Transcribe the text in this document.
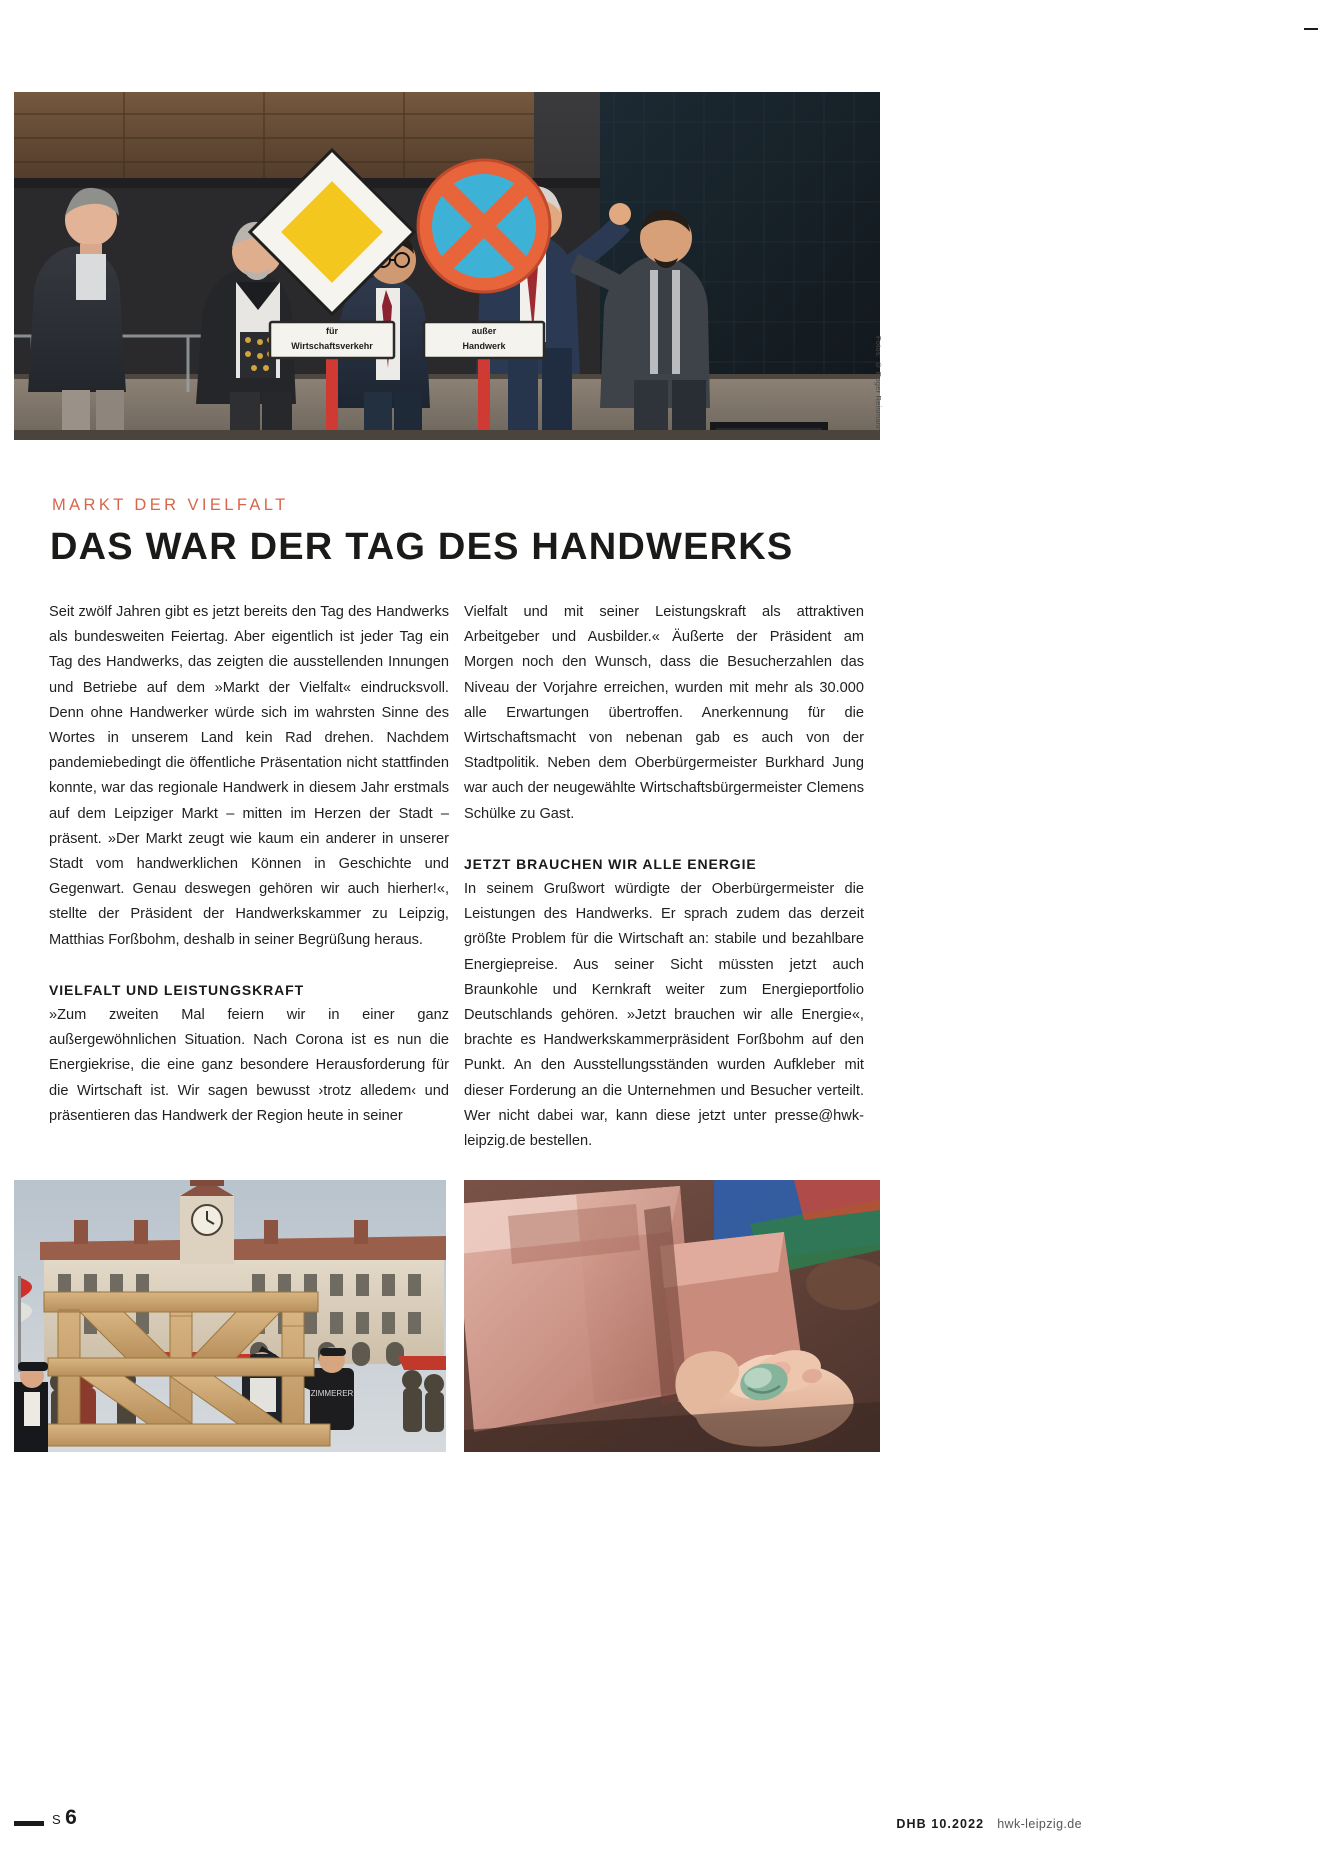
für
Wirtschaftsverkehr
außer
Handwerk	Fotos: © Roger Reinmann
MARKT DER VIELFALT
DAS WAR DER TAG DES HANDWERKS

Seit zwölf Jahren gibt es jetzt bereits den Tag des Handwerks als bundesweiten Feiertag. Aber eigentlich ist jeder Tag ein Tag des Handwerks, das zeigten die ausstellenden Innungen und Betriebe auf dem »Markt der Vielfalt« eindrucksvoll. Denn ohne Handwerker würde sich im wahrsten Sinne des Wortes in unserem Land kein Rad drehen. Nachdem pandemiebedingt die öffentliche Präsentation nicht stattfinden konnte, war das regionale Handwerk in diesem Jahr erstmals auf dem Leipziger Markt – mitten im Herzen der Stadt – präsent. »Der Markt zeugt wie kaum ein anderer in unserer Stadt vom handwerklichen Können in Geschichte und Gegenwart. Genau deswegen gehören wir auch hierher!«, stellte der Präsident der Handwerkskammer zu Leipzig, Matthias Forßbohm, deshalb in seiner Begrüßung heraus.

VIELFALT UND LEISTUNGSKRAFT

»Zum zweiten Mal feiern wir in einer ganz außergewöhnlichen Situation. Nach Corona ist es nun die Energiekrise, die eine ganz besondere Herausforderung für die Wirtschaft ist. Wir sagen bewusst ›trotz alledem‹ und präsentieren das Handwerk der Region heute in seiner

Vielfalt und mit seiner Leistungskraft als attraktiven Arbeitgeber und Ausbilder.« Äußerte der Präsident am Morgen noch den Wunsch, dass die Besucherzahlen das Niveau der Vorjahre erreichen, wurden mit mehr als 30.000 alle Erwartungen übertroffen. Anerkennung für die Wirtschaftsmacht von nebenan gab es auch von der Stadtpolitik. Neben dem Oberbürgermeister Burkhard Jung war auch der neugewählte Wirtschaftsbürgermeister Clemens Schülke zu Gast.

JETZT BRAUCHEN WIR ALLE ENERGIE

In seinem Grußwort würdigte der Oberbürgermeister die Leistungen des Handwerks. Er sprach zudem das derzeit größte Problem für die Wirtschaft an: stabile und bezahlbare Energiepreise. Aus seiner Sicht müssten jetzt auch Braunkohle und Kernkraft weiter zum Energieportfolio Deutschlands gehören. »Jetzt brauchen wir alle Energie«, brachte es Handwerkskammerpräsident Forßbohm auf den Punkt. An den Ausstellungsständen wurden Aufkleber mit dieser Forderung an die Unternehmen und Besucher verteilt. Wer nicht dabei war, kann diese jetzt unter presse@hwk-leipzig.de bestellen.

ZIMMERER
S 6	DHB 10.2022 hwk-leipzig.de
